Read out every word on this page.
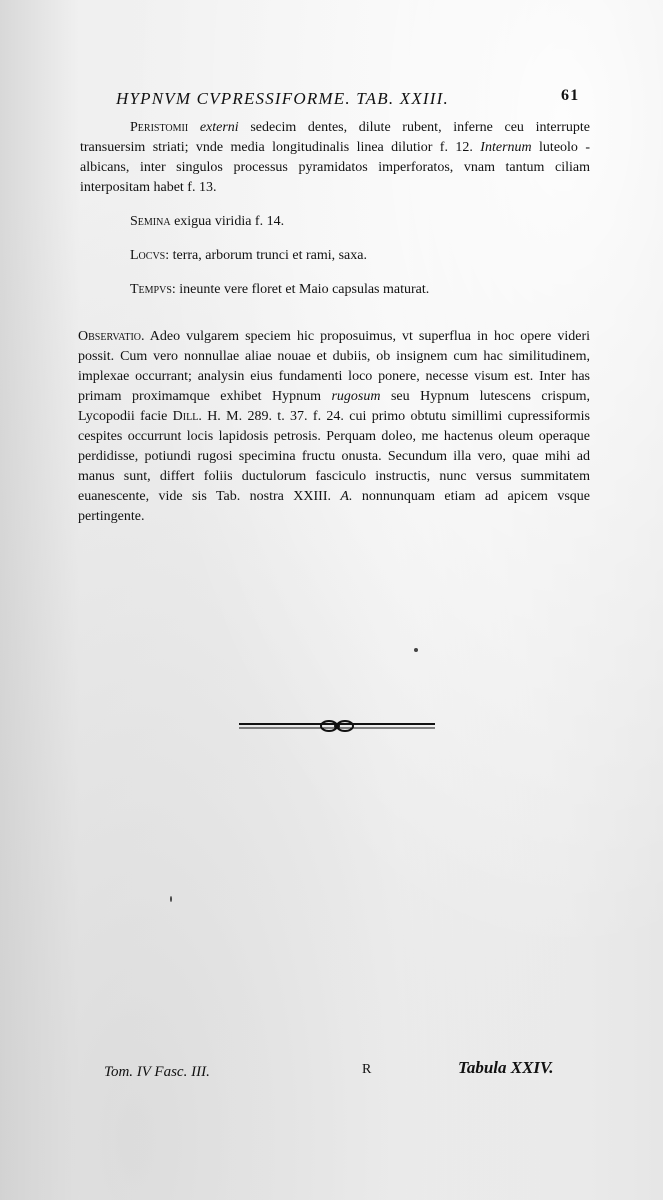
HYPNVM CVPRESSIFORME. TAB. XXIII.	61

Peristomii externi sedecim dentes, dilute rubent, inferne ceu interrupte transuersim striati; vnde media longitudinalis linea dilutior f. 12. Internum luteolo - albicans, inter singulos processus pyramidatos imperforatos, vnam tantum ciliam interpositam habet f. 13.

Semina exigua viridia f. 14.

Locvs: terra, arborum trunci et rami, saxa.

Tempvs: ineunte vere floret et Maio capsulas maturat.

Observatio. Adeo vulgarem speciem hic proposuimus, vt superflua in hoc opere videri possit. Cum vero nonnullae aliae nouae et dubiis, ob insignem cum hac similitudinem, implexae occurrant; analysin eius fundamenti loco ponere, necesse visum est. Inter has primam proximamque exhibet Hypnum rugosum seu Hypnum lutescens crispum, Lycopodii facie Dill. H. M. 289. t. 37. f. 24. cui primo obtutu simillimi cupressiformis cespites occurrunt locis lapidosis petrosis. Perquam doleo, me hactenus oleum operaque perdidisse, potiundi rugosi specimina fructu onusta. Secundum illa vero, quae mihi ad manus sunt, differt foliis ductulorum fasciculo instructis, nunc versus summitatem euanescente, vide sis Tab. nostra XXIII. A. nonnunquam etiam ad apicem vsque pertingente.

Tom. IV Fasc. III.	R	Tabula XXIV.
